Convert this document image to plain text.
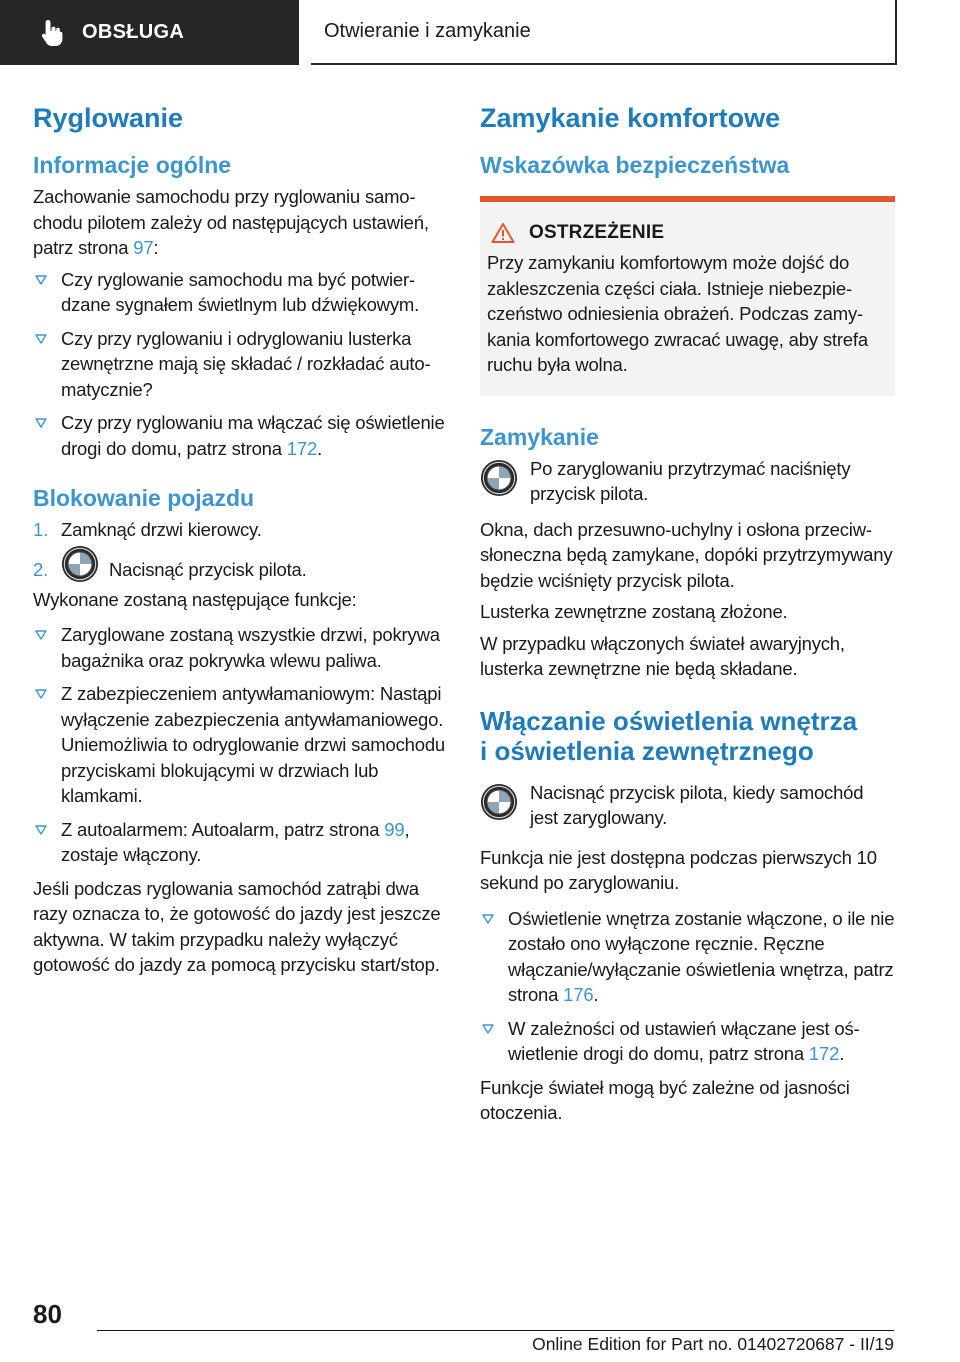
OBSŁUGA	Otwieranie i zamykanie
Ryglowanie
Informacje ogólne

Zachowanie samochodu przy ryglowaniu samochodu pilotem zależy od następujących ustawień, patrz strona 97:

Czy ryglowanie samochodu ma być potwierdzane sygnałem świetlnym lub dźwiękowym.
Czy przy ryglowaniu i odryglowaniu lusterka zewnętrzne mają się składać / rozkładać automatycznie?
Czy przy ryglowaniu ma włączać się oświetlenie drogi do domu, patrz strona 172.
Blokowanie pojazdu
1. Zamknąć drzwi kierowcy.
2.	Nacisnąć przycisk pilota.

Wykonane zostaną następujące funkcje:

Zaryglowane zostaną wszystkie drzwi, pokrywa bagażnika oraz pokrywka wlewu paliwa.
Z zabezpieczeniem antywłamaniowym: Nastąpi wyłączenie zabezpieczenia antywłamaniowego. Uniemożliwia to odryglowanie drzwi samochodu przyciskami blokującymi w drzwiach lub klamkami.
Z autoalarmem: Autoalarm, patrz strona 99, zostaje włączony.

Jeśli podczas ryglowania samochód zatrąbi dwa razy oznacza to, że gotowość do jazdy jest jeszcze aktywna. W takim przypadku należy wyłączyć gotowość do jazdy za pomocą przycisku start/stop.

Zamykanie komfortowe
Wskazówka bezpieczeństwa
OSTRZEŻENIE

Przy zamykaniu komfortowym może dojść do zakleszczenia części ciała. Istnieje niebezpieczeństwo odniesienia obrażeń. Podczas zamykania komfortowego zwracać uwagę, aby strefa ruchu była wolna.

Zamykanie

Po zaryglowaniu przytrzymać naciśnięty przycisk pilota.

Okna, dach przesuwno-uchylny i osłona przeciwsłoneczna będą zamykane, dopóki przytrzymywany będzie wciśnięty przycisk pilota.

Lusterka zewnętrzne zostaną złożone.

W przypadku włączonych świateł awaryjnych, lusterka zewnętrzne nie będą składane.

Włączanie oświetlenia wnętrza
i oświetlenia zewnętrznego

Nacisnąć przycisk pilota, kiedy samochód jest zaryglowany.

Funkcja nie jest dostępna podczas pierwszych 10 sekund po zaryglowaniu.

Oświetlenie wnętrza zostanie włączone, o ile nie zostało ono wyłączone ręcznie. Ręczne włączanie/wyłączanie oświetlenia wnętrza, patrz strona 176.
W zależności od ustawień włączane jest oświetlenie drogi do domu, patrz strona 172.

Funkcje świateł mogą być zależne od jasności otoczenia.

80
Online Edition for Part no. 01402720687 - II/19
